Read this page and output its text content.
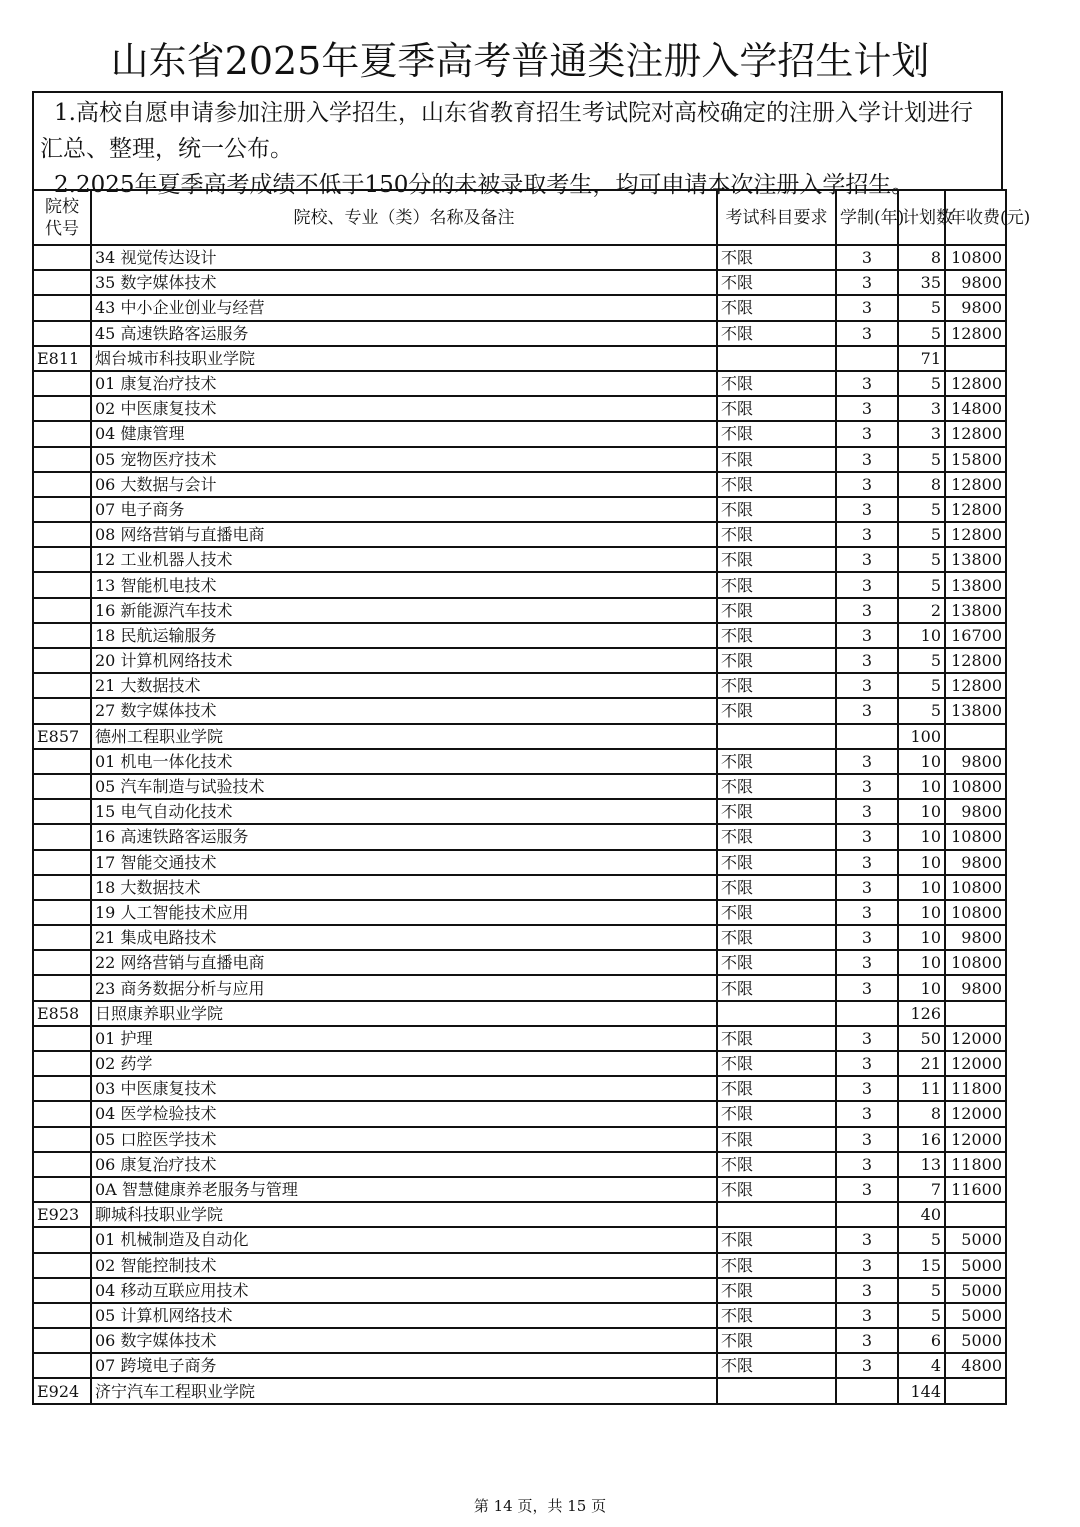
山东省2025年夏季高考普通类注册入学招生计划

1.高校自愿申请参加注册入学招生，山东省教育招生考试院对高校确定的注册入学计划进行汇总、整理，统一公布。

2.2025年夏季高考成绩不低于150分的未被录取考生，均可申请本次注册入学招生。

院校代号	院校、专业（类）名称及备注	考试科目要求	学制(年)	计划数	年收费(元)
	34 视觉传达设计	不限	3	8	10800
	35 数字媒体技术	不限	3	35	9800
	43 中小企业创业与经营	不限	3	5	9800
	45 高速铁路客运服务	不限	3	5	12800
E811	烟台城市科技职业学院			71	
	01 康复治疗技术	不限	3	5	12800
	02 中医康复技术	不限	3	3	14800
	04 健康管理	不限	3	3	12800
	05 宠物医疗技术	不限	3	5	15800
	06 大数据与会计	不限	3	8	12800
	07 电子商务	不限	3	5	12800
	08 网络营销与直播电商	不限	3	5	12800
	12 工业机器人技术	不限	3	5	13800
	13 智能机电技术	不限	3	5	13800
	16 新能源汽车技术	不限	3	2	13800
	18 民航运输服务	不限	3	10	16700
	20 计算机网络技术	不限	3	5	12800
	21 大数据技术	不限	3	5	12800
	27 数字媒体技术	不限	3	5	13800
E857	德州工程职业学院			100	
	01 机电一体化技术	不限	3	10	9800
	05 汽车制造与试验技术	不限	3	10	10800
	15 电气自动化技术	不限	3	10	9800
	16 高速铁路客运服务	不限	3	10	10800
	17 智能交通技术	不限	3	10	9800
	18 大数据技术	不限	3	10	10800
	19 人工智能技术应用	不限	3	10	10800
	21 集成电路技术	不限	3	10	9800
	22 网络营销与直播电商	不限	3	10	10800
	23 商务数据分析与应用	不限	3	10	9800
E858	日照康养职业学院			126	
	01 护理	不限	3	50	12000
	02 药学	不限	3	21	12000
	03 中医康复技术	不限	3	11	11800
	04 医学检验技术	不限	3	8	12000
	05 口腔医学技术	不限	3	16	12000
	06 康复治疗技术	不限	3	13	11800
	0A 智慧健康养老服务与管理	不限	3	7	11600
E923	聊城科技职业学院			40	
	01 机械制造及自动化	不限	3	5	5000
	02 智能控制技术	不限	3	15	5000
	04 移动互联应用技术	不限	3	5	5000
	05 计算机网络技术	不限	3	5	5000
	06 数字媒体技术	不限	3	6	5000
	07 跨境电子商务	不限	3	4	4800
E924	济宁汽车工程职业学院			144	
第 14 页，共 15 页
